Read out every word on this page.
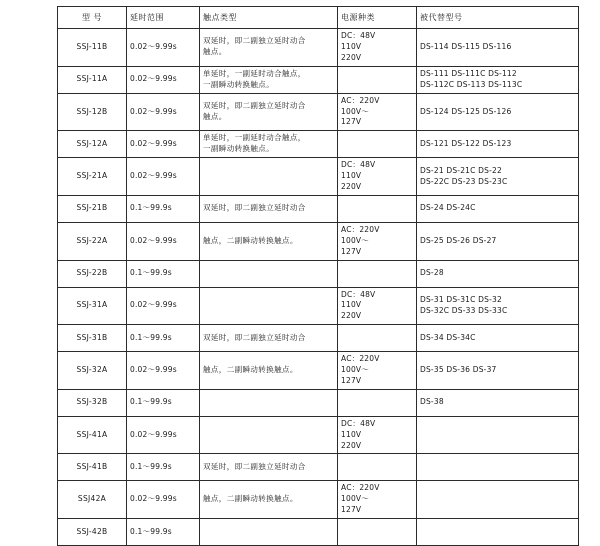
型 号	延时范围	触点类型	电源种类	被代替型号
SSJ-11B	0.02～9.99s	双延时，即二副独立延时动合
触点。	DC：48V
110V
220V	DS-114 DS-115 DS-116

SSJ-11A	0.02～9.99s	单延时，一副延时动合触点，
一副瞬动转换触点。		DS-111 DS-111C DS-112
DS-112C DS-113 DS-113C

SSJ-12B	0.02～9.99s	双延时，即二副独立延时动合
触点。	AC：220V
100V～
127V	DS-124 DS-125 DS-126

SSJ-12A	0.02～9.99s	单延时，一副延时动合触点，
一副瞬动转换触点。		DS-121 DS-122 DS-123

SSJ-21A	0.02～9.99s		DC：48V
110V
220V	DS-21 DS-21C DS-22
DS-22C DS-23 DS-23C

SSJ-21B	0.1～99.9s	双延时，即二副独立延时动合		DS-24 DS-24C

SSJ-22A	0.02～9.99s	触点，二副瞬动转换触点。	AC：220V
100V～
127V	DS-25 DS-26 DS-27

SSJ-22B	0.1～99.9s			DS-28

SSJ-31A	0.02～9.99s		DC：48V
110V
220V	DS-31 DS-31C DS-32
DS-32C DS-33 DS-33C

SSJ-31B	0.1～99.9s	双延时，即二副独立延时动合		DS-34 DS-34C

SSJ-32A	0.02～9.99s	触点，二副瞬动转换触点。	AC：220V
100V～
127V	DS-35 DS-36 DS-37

SSJ-32B	0.1～99.9s			DS-38

SSJ-41A	0.02～9.99s		DC：48V
110V
220V	

SSJ-41B	0.1～99.9s	双延时，即二副独立延时动合		

SSJ42A	0.02～9.99s	触点，二副瞬动转换触点。	AC：220V
100V～
127V	

SSJ-42B	0.1～99.9s			
